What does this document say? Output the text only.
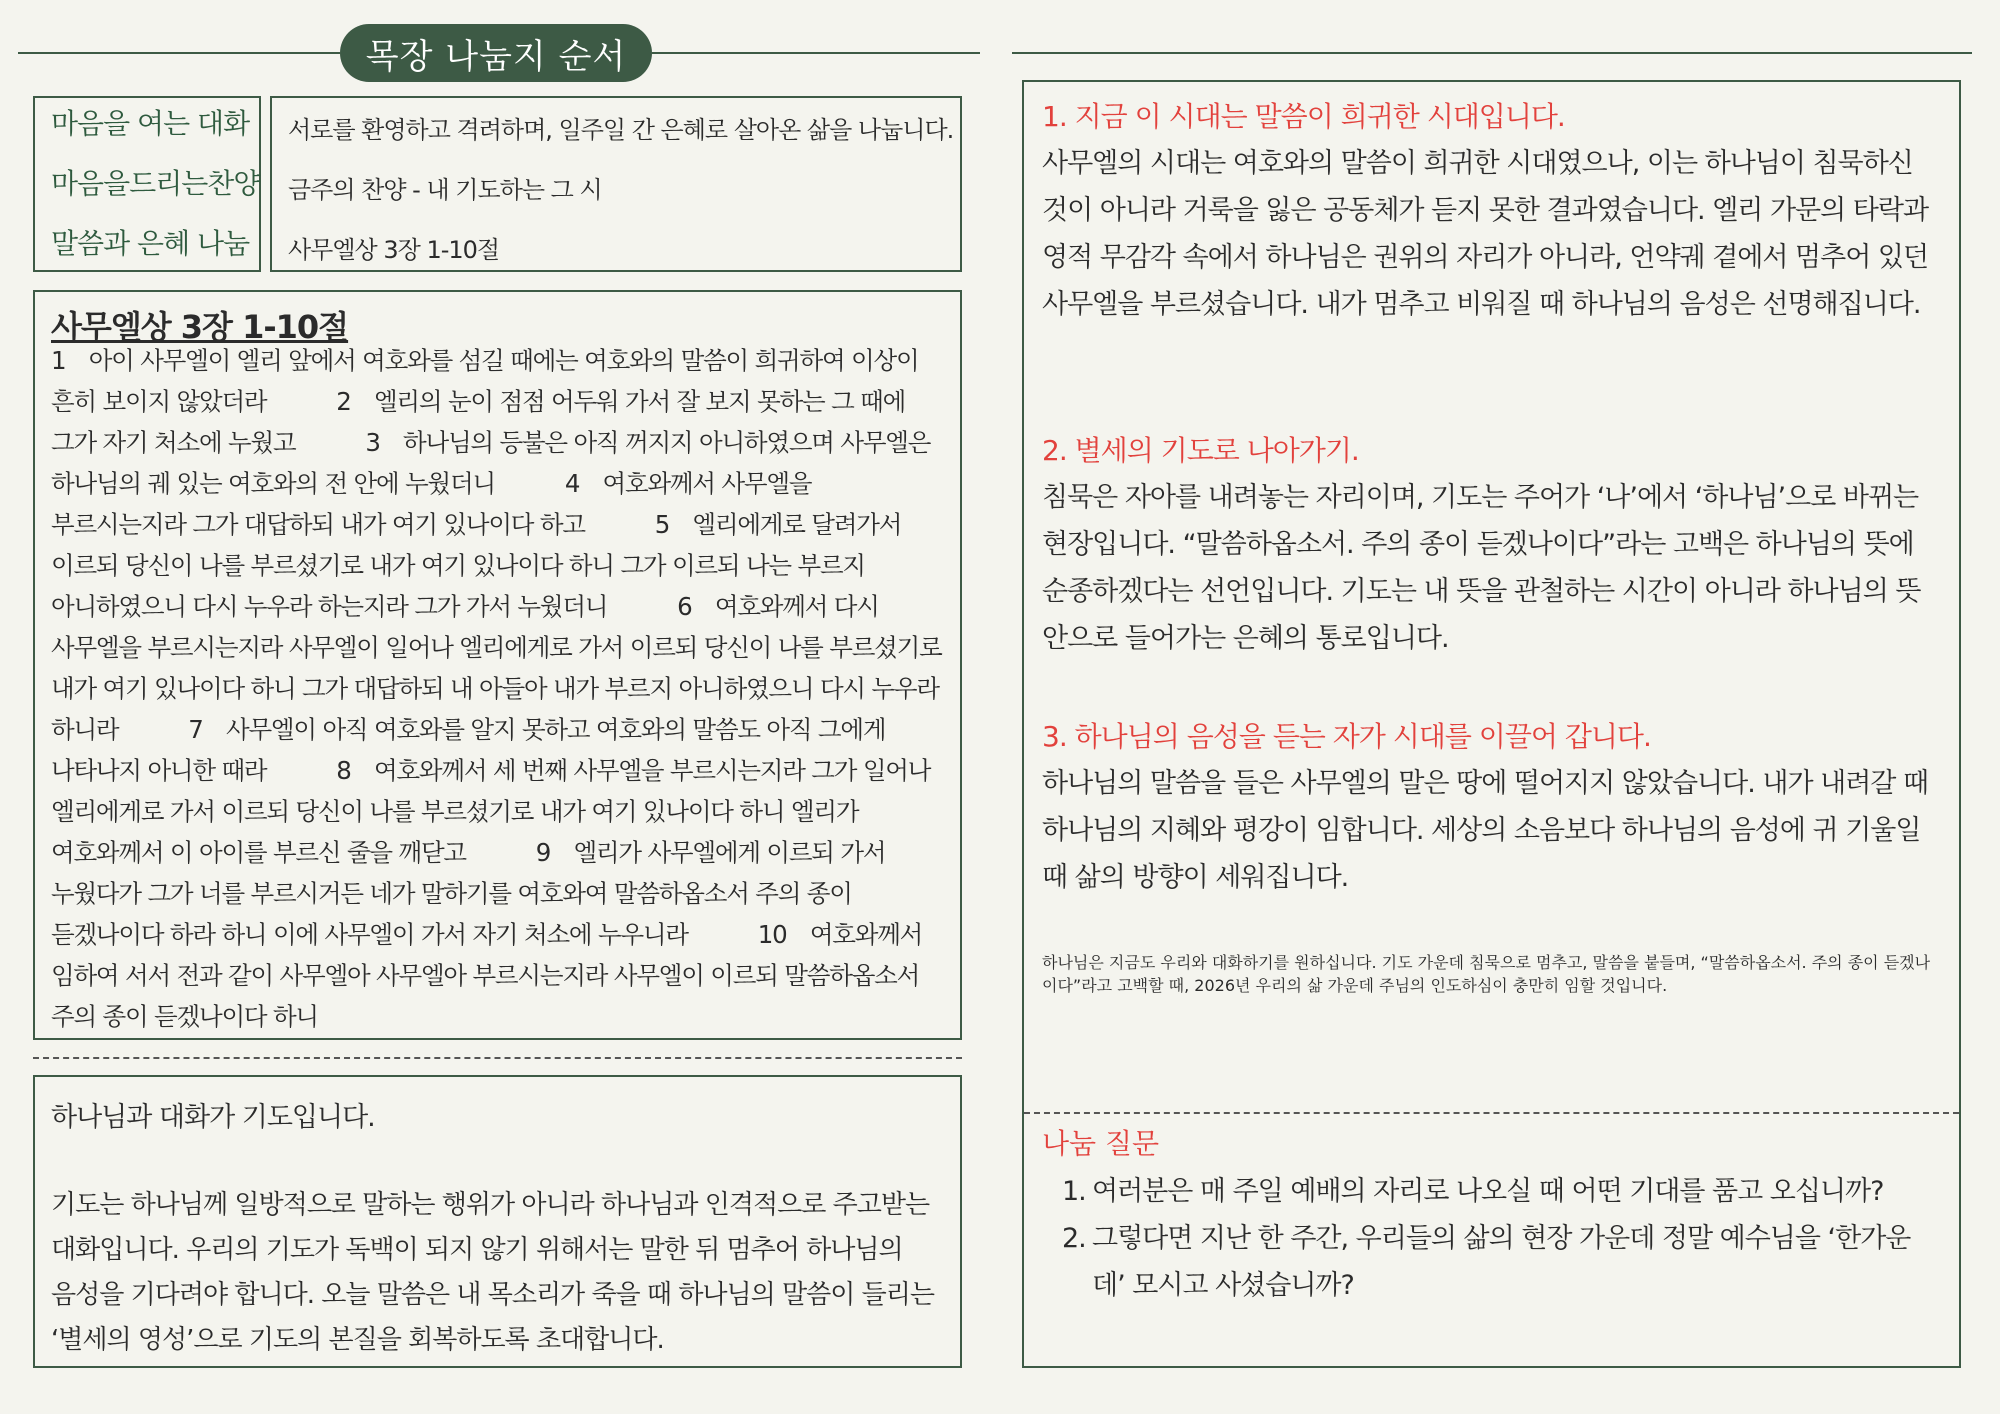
목장 나눔지 순서
마음을 여는 대화
마음을드리는찬양
말씀과 은혜 나눔
서로를 환영하고 격려하며, 일주일 간 은혜로 살아온 삶을 나눕니다.
금주의 찬양 - 내 기도하는 그 시
사무엘상 3장 1-10절
사무엘상 3장 1-10절
1　아이 사무엘이 엘리 앞에서 여호와를 섬길 때에는 여호와의 말씀이 희귀하여 이상이 흔히 보이지 않았더라　　　2　엘리의 눈이 점점 어두워 가서 잘 보지 못하는 그 때에 그가 자기 처소에 누웠고　　　3　하나님의 등불은 아직 꺼지지 아니하였으며 사무엘은 하나님의 궤 있는 여호와의 전 안에 누웠더니　　　4　여호와께서 사무엘을 부르시는지라 그가 대답하되 내가 여기 있나이다 하고　　　5　엘리에게로 달려가서 이르되 당신이 나를 부르셨기로 내가 여기 있나이다 하니 그가 이르되 나는 부르지 아니하였으니 다시 누우라 하는지라 그가 가서 누웠더니　　　6　여호와께서 다시 사무엘을 부르시는지라 사무엘이 일어나 엘리에게로 가서 이르되 당신이 나를 부르셨기로 내가 여기 있나이다 하니 그가 대답하되 내 아들아 내가 부르지 아니하였으니 다시 누우라 하니라　　　7　사무엘이 아직 여호와를 알지 못하고 여호와의 말씀도 아직 그에게 나타나지 아니한 때라　　　8　여호와께서 세 번째 사무엘을 부르시는지라 그가 일어나 엘리에게로 가서 이르되 당신이 나를 부르셨기로 내가 여기 있나이다 하니 엘리가 여호와께서 이 아이를 부르신 줄을 깨닫고　　　9　엘리가 사무엘에게 이르되 가서 누웠다가 그가 너를 부르시거든 네가 말하기를 여호와여 말씀하옵소서 주의 종이 듣겠나이다 하라 하니 이에 사무엘이 가서 자기 처소에 누우니라　　　10　여호와께서 임하여 서서 전과 같이 사무엘아 사무엘아 부르시는지라 사무엘이 이르되 말씀하옵소서 주의 종이 듣겠나이다 하니
하나님과 대화가 기도입니다.
기도는 하나님께 일방적으로 말하는 행위가 아니라 하나님과 인격적으로 주고받는 대화입니다. 우리의 기도가 독백이 되지 않기 위해서는 말한 뒤 멈추어 하나님의 음성을 기다려야 합니다. 오늘 말씀은 내 목소리가 죽을 때 하나님의 말씀이 들리는 ‘별세의 영성’으로 기도의 본질을 회복하도록 초대합니다.
1. 지금 이 시대는 말씀이 희귀한 시대입니다.
사무엘의 시대는 여호와의 말씀이 희귀한 시대였으나, 이는 하나님이 침묵하신 것이 아니라 거룩을 잃은 공동체가 듣지 못한 결과였습니다. 엘리 가문의 타락과 영적 무감각 속에서 하나님은 권위의 자리가 아니라, 언약궤 곁에서 멈추어 있던 사무엘을 부르셨습니다. 내가 멈추고 비워질 때 하나님의 음성은 선명해집니다.
2. 별세의 기도로 나아가기.
침묵은 자아를 내려놓는 자리이며, 기도는 주어가 ‘나’에서 ‘하나님’으로 바뀌는 현장입니다. “말씀하옵소서. 주의 종이 듣겠나이다”라는 고백은 하나님의 뜻에 순종하겠다는 선언입니다. 기도는 내 뜻을 관철하는 시간이 아니라 하나님의 뜻 안으로 들어가는 은혜의 통로입니다.
3. 하나님의 음성을 듣는 자가 시대를 이끌어 갑니다.
하나님의 말씀을 들은 사무엘의 말은 땅에 떨어지지 않았습니다. 내가 내려갈 때 하나님의 지혜와 평강이 임합니다. 세상의 소음보다 하나님의 음성에 귀 기울일 때 삶의 방향이 세워집니다.
하나님은 지금도 우리와 대화하기를 원하십니다. 기도 가운데 침묵으로 멈추고, 말씀을 붙들며, “말씀하옵소서. 주의 종이 듣겠나이다”라고 고백할 때, 2026년 우리의 삶 가운데 주님의 인도하심이 충만히 임할 것입니다.
나눔 질문
1. 여러분은 매 주일 예배의 자리로 나오실 때 어떤 기대를 품고 오십니까?
2. 그렇다면 지난 한 주간, 우리들의 삶의 현장 가운데 정말 예수님을 ‘한가운데’ 모시고 사셨습니까?
